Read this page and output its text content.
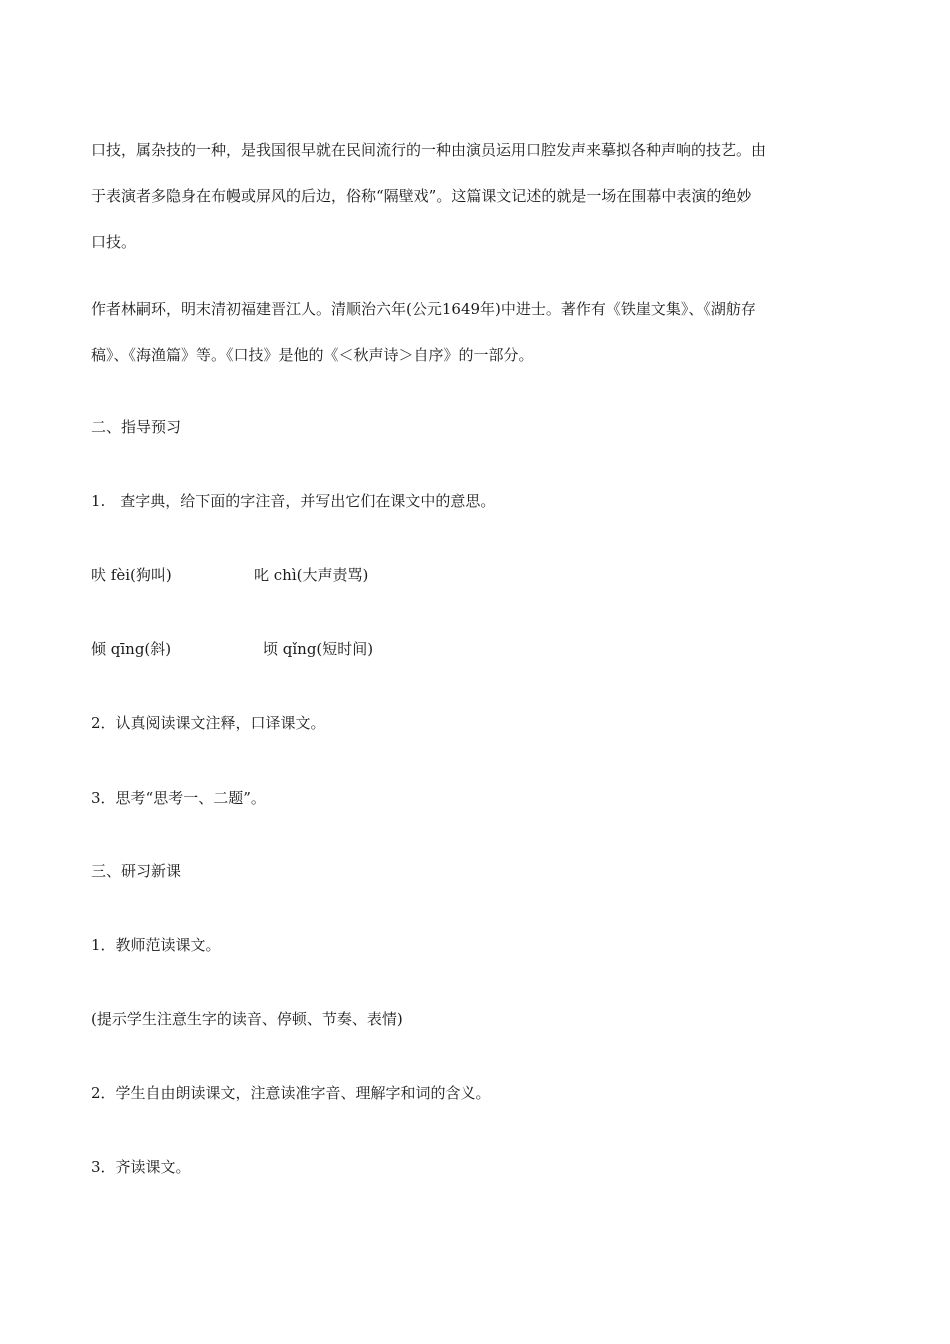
口技，属杂技的一种，是我国很早就在民间流行的一种由演员运用口腔发声来摹拟各种声响的技艺。由
于表演者多隐身在布幔或屏风的后边，俗称“隔壁戏”。这篇课文记述的就是一场在围幕中表演的绝妙
口技。
作者林嗣环，明末清初福建晋江人。清顺治六年(公元1649年)中进士。著作有《铁崖文集》、《湖舫存
稿》、《海渔篇》等。《口技》是他的《＜秋声诗＞自序》的一部分。
二、指导预习
1.　查字典，给下面的字注音，并写出它们在课文中的意思。
吠 fèi(狗叫)	叱 chì(大声责骂)
倾 qīng(斜)	顷 qǐng(短时间)
2．认真阅读课文注释，口译课文。
3．思考“思考一、二题”。
三、研习新课
1．教师范读课文。
(提示学生注意生字的读音、停顿、节奏、表情)
2．学生自由朗读课文，注意读准字音、理解字和词的含义。
3．齐读课文。
